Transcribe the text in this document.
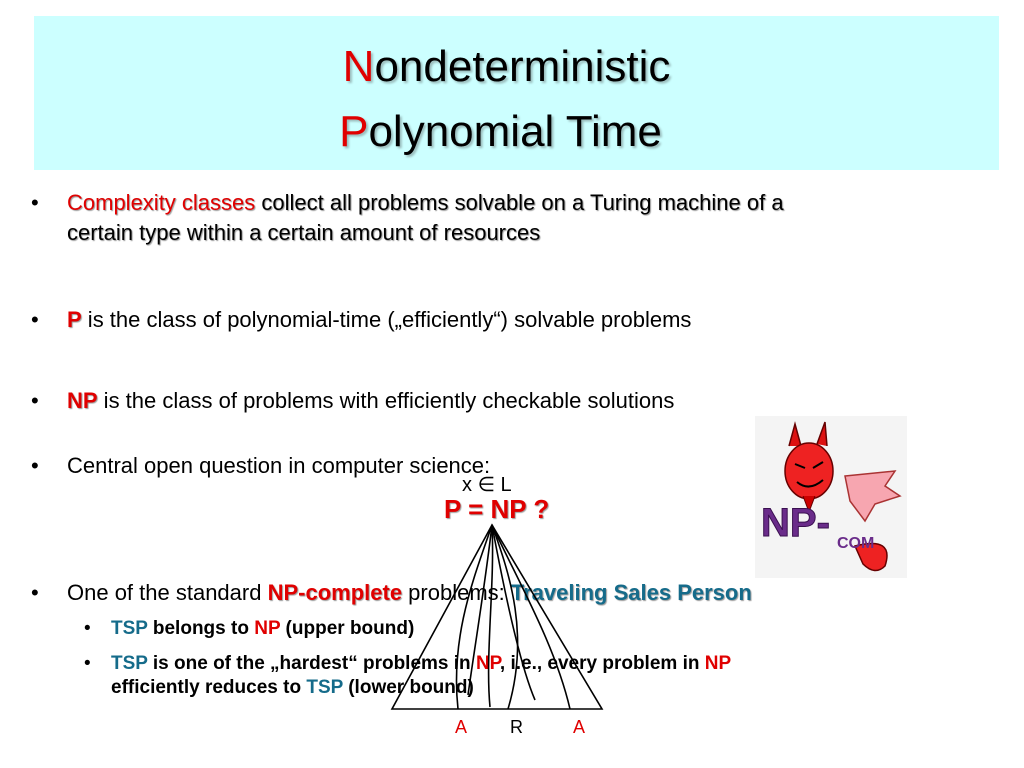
Nondeterministic
Polynomial Time
• Complexity classes collect all problems solvable on a Turing machine of a
certain type within a certain amount of resources
• P is the class of polynomial-time („efficiently“) solvable problems
• NP is the class of problems with efficiently checkable solutions
• Central open question in computer science:
• One of the standard NP-complete problems: Traveling Sales Person
• TSP belongs to NP (upper bound)
• TSP is one of the „hardest“ problems in NP, i.e., every problem in NP
efficiently reduces to TSP (lower bound)
x ∈ L
P = NP ?
A R	A
NP- COM
